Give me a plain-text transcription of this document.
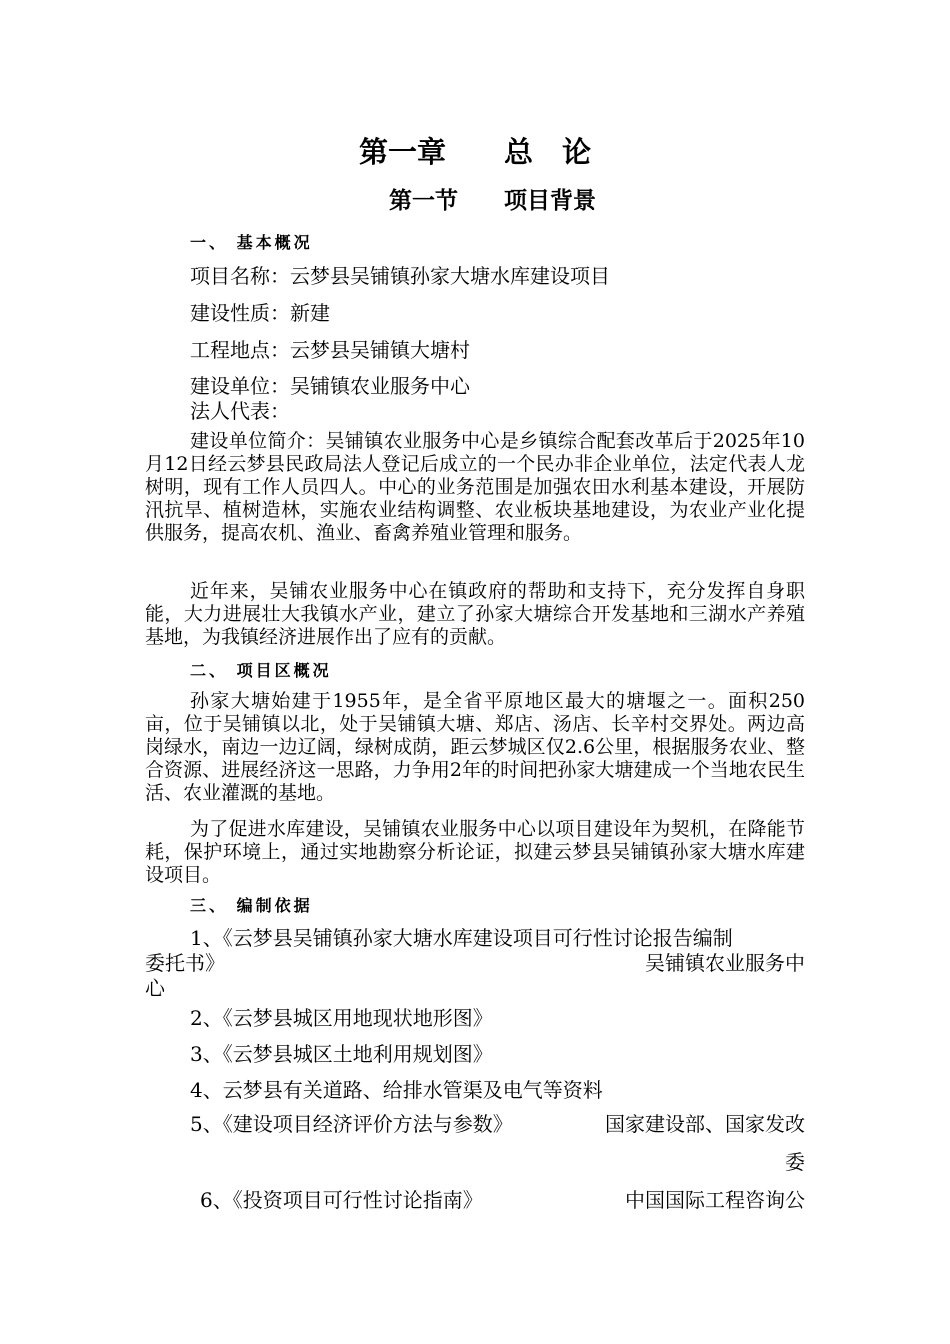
第一章　　总　论
第一节　　项目背景
一、 基本概况
项目名称：云梦县吴铺镇孙家大塘水库建设项目
建设性质：新建
工程地点：云梦县吴铺镇大塘村
建设单位：吴铺镇农业服务中心
法人代表：

建设单位简介：吴铺镇农业服务中心是乡镇综合配套改革后于2025年10月12日经云梦县民政局法人登记后成立的一个民办非企业单位，法定代表人龙树明，现有工作人员四人。中心的业务范围是加强农田水利基本建设，开展防汛抗旱、植树造林，实施农业结构调整、农业板块基地建设，为农业产业化提供服务，提高农机、渔业、畜禽养殖业管理和服务。

近年来，吴铺农业服务中心在镇政府的帮助和支持下，充分发挥自身职能，大力进展壮大我镇水产业，建立了孙家大塘综合开发基地和三湖水产养殖基地，为我镇经济进展作出了应有的贡献。

二、 项目区概况

孙家大塘始建于1955年，是全省平原地区最大的塘堰之一。面积250亩，位于吴铺镇以北，处于吴铺镇大塘、郑店、汤店、长辛村交界处。两边高岗绿水，南边一边辽阔，绿树成荫，距云梦城区仅2.6公里，根据服务农业、整合资源、进展经济这一思路，力争用2年的时间把孙家大塘建成一个当地农民生活、农业灌溉的基地。

为了促进水库建设，吴铺镇农业服务中心以项目建设年为契机，在降能节耗，保护环境上，通过实地勘察分析论证，拟建云梦县吴铺镇孙家大塘水库建设项目。

三、 编制依据
1、《云梦县吴铺镇孙家大塘水库建设项目可行性讨论报告编制
委托书》	吴铺镇农业服务中
心
2、《云梦县城区用地现状地形图》
3、《云梦县城区土地利用规划图》
4、云梦县有关道路、给排水管渠及电气等资料
5、《建设项目经济评价方法与参数》	国家建设部、国家发改
委
6、《投资项目可行性讨论指南》	中国国际工程咨询公
